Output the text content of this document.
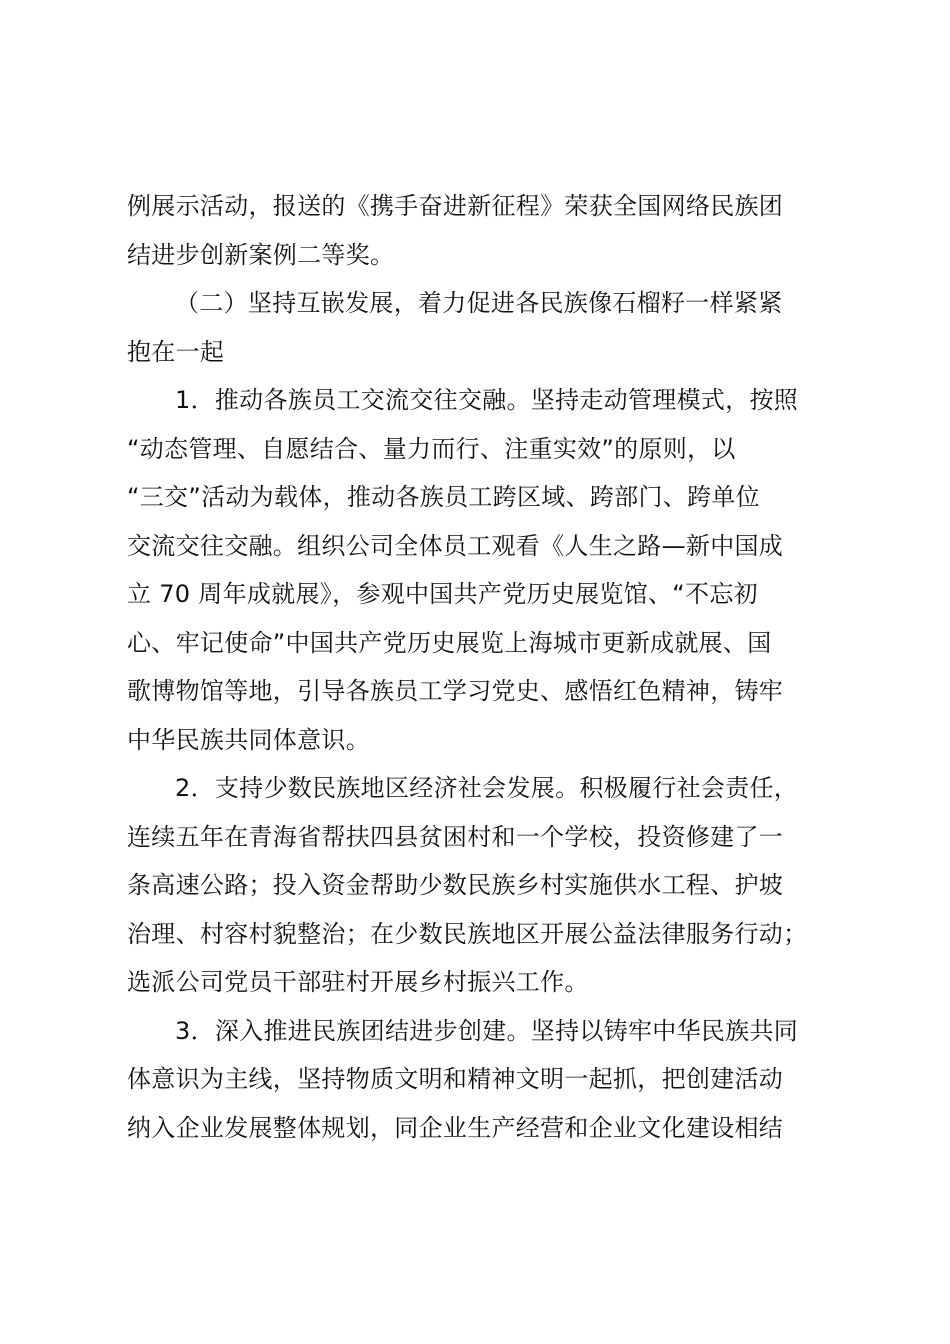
例展示活动，报送的《携手奋进新征程》荣获全国网络民族团
结进步创新案例二等奖。

（二）坚持互嵌发展，着力促进各民族像石榴籽一样紧紧
抱在一起

1．推动各族员工交流交往交融。坚持走动管理模式，按照
“动态管理、自愿结合、量力而行、注重实效”的原则，以
“三交”活动为载体，推动各族员工跨区域、跨部门、跨单位
交流交往交融。组织公司全体员工观看《人生之路—新中国成
立 70 周年成就展》，参观中国共产党历史展览馆、“不忘初
心、牢记使命”中国共产党历史展览上海城市更新成就展、国
歌博物馆等地，引导各族员工学习党史、感悟红色精神，铸牢
中华民族共同体意识。

2．支持少数民族地区经济社会发展。积极履行社会责任，
连续五年在青海省帮扶四县贫困村和一个学校，投资修建了一
条高速公路；投入资金帮助少数民族乡村实施供水工程、护坡
治理、村容村貌整治；在少数民族地区开展公益法律服务行动；
选派公司党员干部驻村开展乡村振兴工作。

3．深入推进民族团结进步创建。坚持以铸牢中华民族共同
体意识为主线，坚持物质文明和精神文明一起抓，把创建活动
纳入企业发展整体规划，同企业生产经营和企业文化建设相结
